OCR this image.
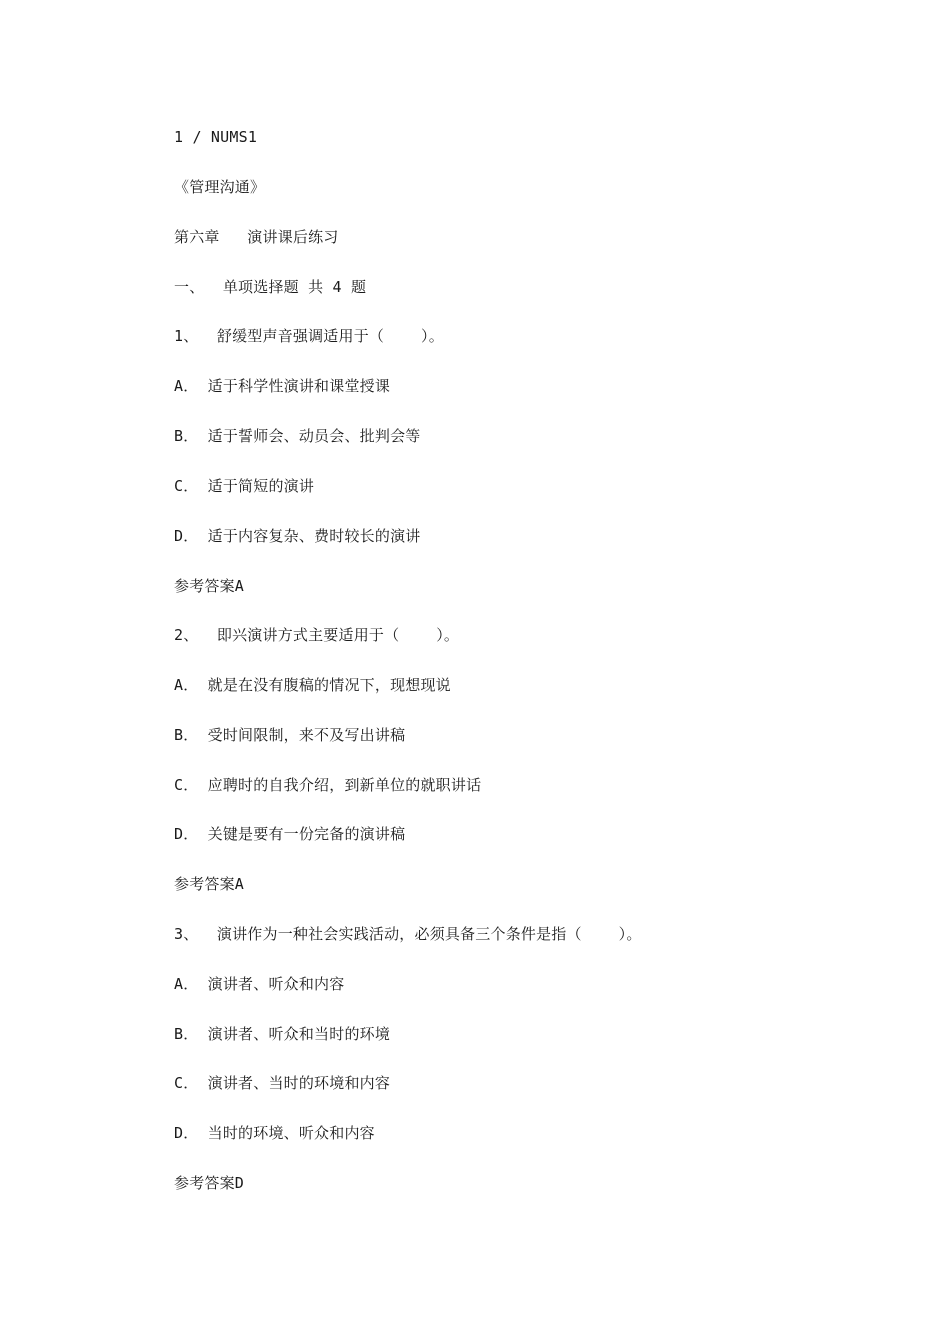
1 / NUMS1
《管理沟通》
第六章   演讲课后练习
一、  单项选择题 共 4 题
1、  舒缓型声音强调适用于（    ）。
A． 适于科学性演讲和课堂授课
B． 适于誓师会、动员会、批判会等
C． 适于简短的演讲
D． 适于内容复杂、费时较长的演讲
参考答案A
2、  即兴演讲方式主要适用于（    ）。
A． 就是在没有腹稿的情况下，现想现说
B． 受时间限制，来不及写出讲稿
C． 应聘时的自我介绍，到新单位的就职讲话
D． 关键是要有一份完备的演讲稿
参考答案A
3、  演讲作为一种社会实践活动，必须具备三个条件是指（    ）。
A． 演讲者、听众和内容
B． 演讲者、听众和当时的环境
C． 演讲者、当时的环境和内容
D． 当时的环境、听众和内容
参考答案D
